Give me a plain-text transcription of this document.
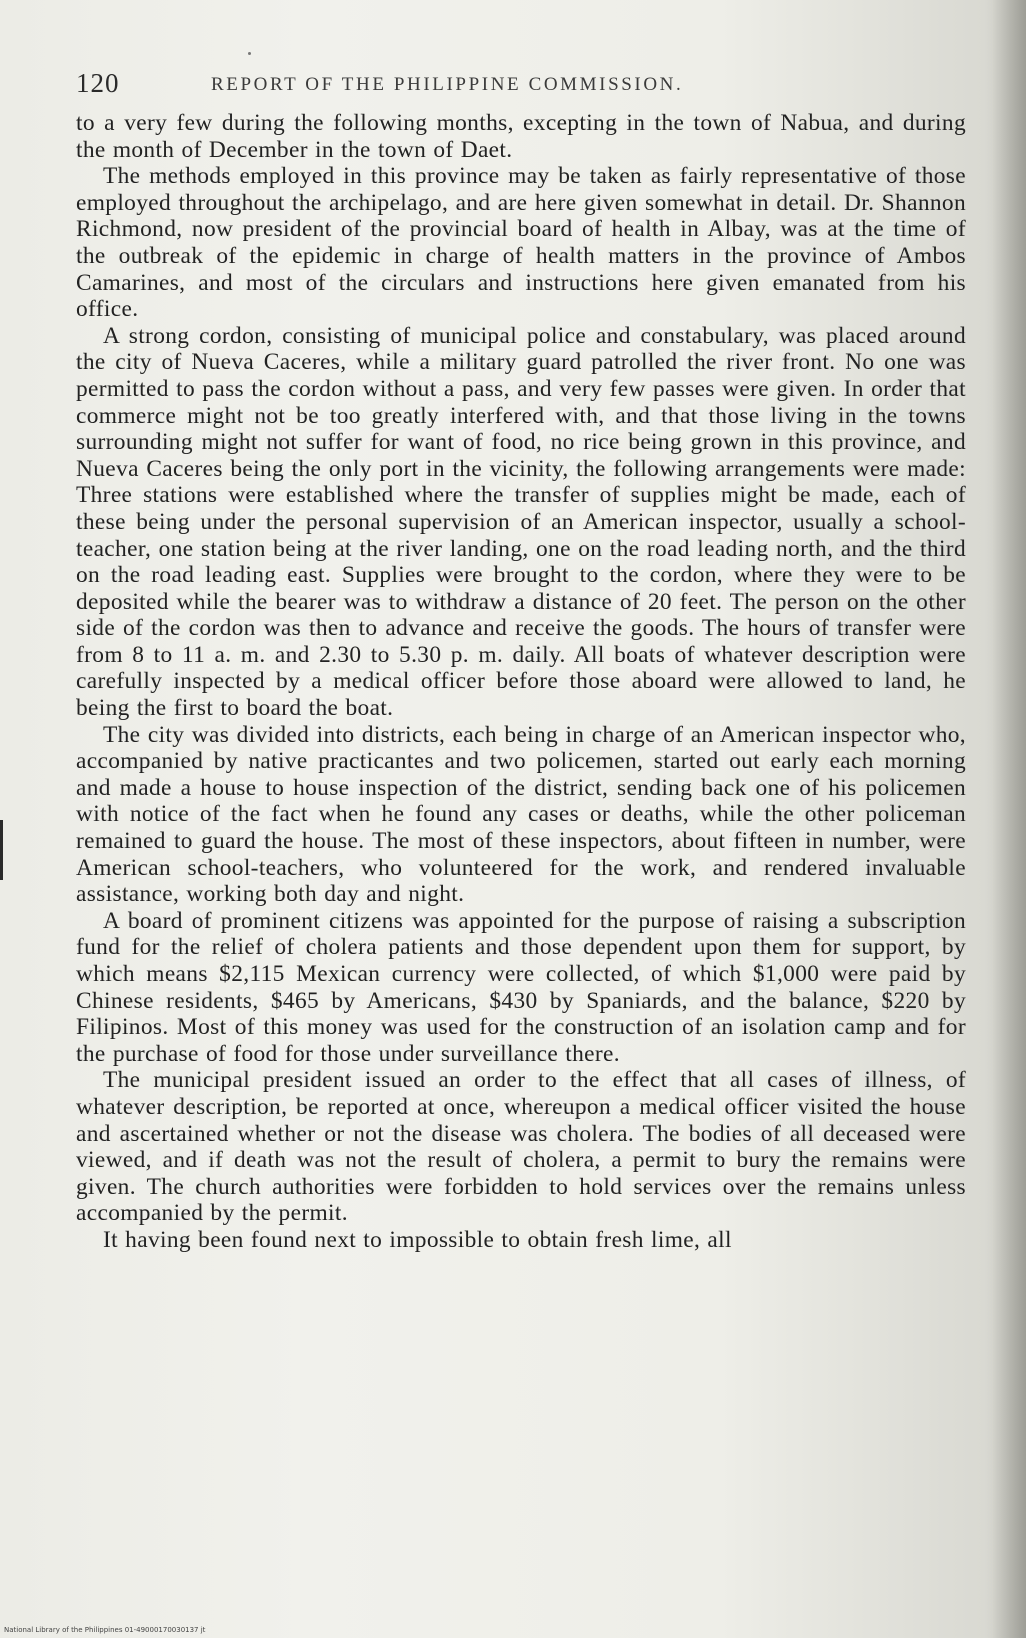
120	REPORT OF THE PHILIPPINE COMMISSION.

to a very few during the following months, excepting in the town of Nabua, and during the month of December in the town of Daet.

The methods employed in this province may be taken as fairly representative of those employed throughout the archipelago, and are here given somewhat in detail. Dr. Shannon Richmond, now president of the provincial board of health in Albay, was at the time of the outbreak of the epidemic in charge of health matters in the province of Ambos Camarines, and most of the circulars and instructions here given emanated from his office.

A strong cordon, consisting of municipal police and constabulary, was placed around the city of Nueva Caceres, while a military guard patrolled the river front. No one was permitted to pass the cordon without a pass, and very few passes were given. In order that commerce might not be too greatly interfered with, and that those living in the towns surrounding might not suffer for want of food, no rice being grown in this province, and Nueva Caceres being the only port in the vicinity, the following arrangements were made: Three stations were established where the transfer of supplies might be made, each of these being under the personal supervision of an American inspector, usually a school-teacher, one station being at the river landing, one on the road leading north, and the third on the road leading east. Supplies were brought to the cordon, where they were to be deposited while the bearer was to withdraw a distance of 20 feet. The person on the other side of the cordon was then to advance and receive the goods. The hours of transfer were from 8 to 11 a. m. and 2.30 to 5.30 p. m. daily. All boats of whatever description were carefully inspected by a medical officer before those aboard were allowed to land, he being the first to board the boat.

The city was divided into districts, each being in charge of an American inspector who, accompanied by native practicantes and two policemen, started out early each morning and made a house to house inspection of the district, sending back one of his policemen with notice of the fact when he found any cases or deaths, while the other policeman remained to guard the house. The most of these inspectors, about fifteen in number, were American school-teachers, who volunteered for the work, and rendered invaluable assistance, working both day and night.

A board of prominent citizens was appointed for the purpose of raising a subscription fund for the relief of cholera patients and those dependent upon them for support, by which means $2,115 Mexican currency were collected, of which $1,000 were paid by Chinese residents, $465 by Americans, $430 by Spaniards, and the balance, $220 by Filipinos. Most of this money was used for the construction of an isolation camp and for the purchase of food for those under surveillance there.

The municipal president issued an order to the effect that all cases of illness, of whatever description, be reported at once, whereupon a medical officer visited the house and ascertained whether or not the disease was cholera. The bodies of all deceased were viewed, and if death was not the result of cholera, a permit to bury the remains were given. The church authorities were forbidden to hold services over the remains unless accompanied by the permit.

It having been found next to impossible to obtain fresh lime, all

National Library of the Philippines 01-49000170030137 jt
